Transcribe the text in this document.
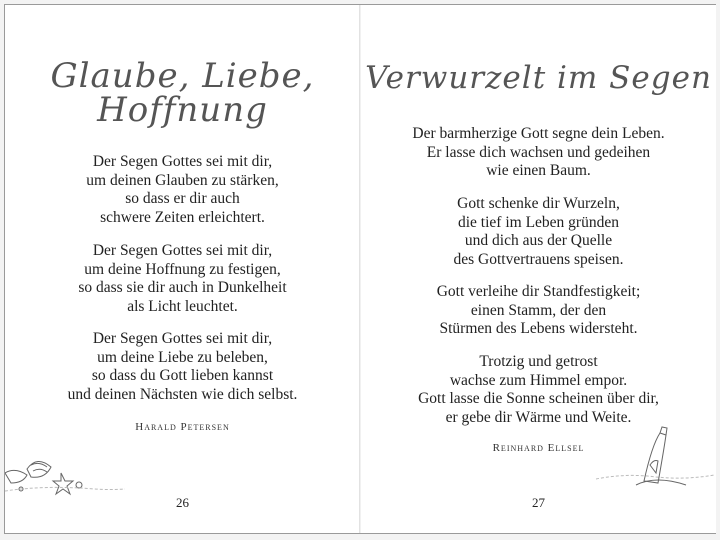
Glaube, Liebe,
Hoffnung
Der Segen Gottes sei mit dir,
um deinen Glauben zu stärken,
so dass er dir auch
schwere Zeiten erleichtert.
Der Segen Gottes sei mit dir,
um deine Hoffnung zu festigen,
so dass sie dir auch in Dunkelheit
als Licht leuchtet.
Der Segen Gottes sei mit dir,
um deine Liebe zu beleben,
so dass du Gott lieben kannst
und deinen Nächsten wie dich selbst.
Harald Petersen
26
Verwurzelt im Segen
Der barmherzige Gott segne dein Leben.
Er lasse dich wachsen und gedeihen
wie einen Baum.
Gott schenke dir Wurzeln,
die tief im Leben gründen
und dich aus der Quelle
des Gottvertrauens speisen.
Gott verleihe dir Standfestigkeit;
einen Stamm, der den
Stürmen des Lebens widersteht.
Trotzig und getrost
wachse zum Himmel empor.
Gott lasse die Sonne scheinen über dir,
er gebe dir Wärme und Weite.
Reinhard Ellsel
27
